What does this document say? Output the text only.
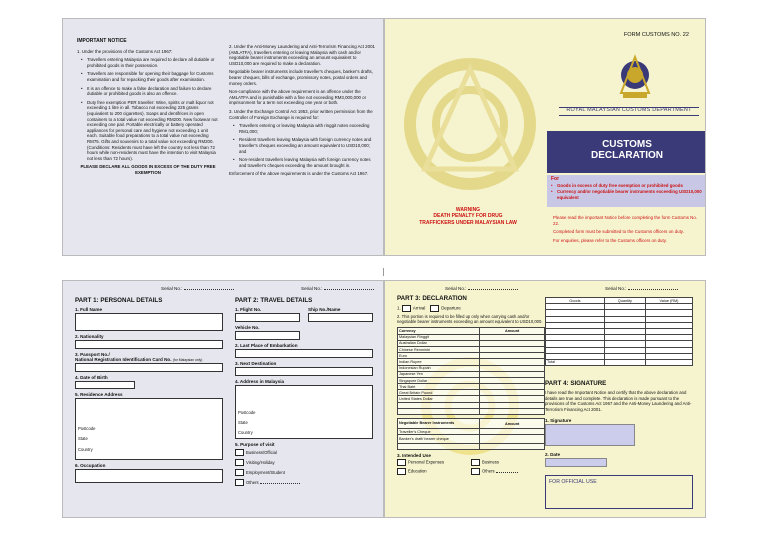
IMPORTANT NOTICE
1. Under the provisions of the Customs Act 1967:
• Travellers entering Malaysia are required to declare all dutiable or prohibited goods in their possession.
• Travellers are responsible for opening their baggage for Customs examination and for repacking their goods after examination.
• It is an offence to make a false declaration and failure to declare dutiable or prohibited goods is also an offence.
• Duty free exemption PER traveller: Wine, spirits or malt liquor not exceeding 1 litre in all. Tobacco not exceeding 225 grams (equivalent to 200 cigarettes). Soaps and dentifrices in open containers to a total value not exceeding RM200. New footwear not exceeding one pair. Portable electrically or battery operated appliances for personal care and hygiene not exceeding 1 unit each. Suitable food preparations to a total value not exceeding RM75. Gifts and souvenirs to a total value not exceeding RM200. (Conditions: Residents must have left the country not less than 72 hours while non-residents must have the intention to visit Malaysia not less than 72 hours).
PLEASE DECLARE ALL GOODS IN EXCESS OF THE DUTY FREE EXEMPTION
2. Under the Anti-Money Laundering and Anti-Terrorism Financing Act 2001 (AMLATFA), travellers entering or leaving Malaysia with cash and/or negotiable bearer instruments exceeding an amount equivalent to USD10,000 are required to make a declaration.
Negotiable bearer instruments include traveller's cheques, banker's drafts, bearer cheques, bills of exchange, promissory notes, postal orders and money orders.
Non-compliance with the above requirement is an offence under the AMLATFA and is punishable with a fine not exceeding RM3,000,000 or imprisonment for a term not exceeding one year or both.
3. Under the Exchange Control Act 1953, prior written permission from the Controller of Foreign Exchange is required for:
• Travellers entering or leaving Malaysia with ringgit notes exceeding RM1,000;
• Resident travellers leaving Malaysia with foreign currency notes and traveller's cheques exceeding an amount equivalent to USD10,000; and
• Non-resident travellers leaving Malaysia with foreign currency notes and traveller's cheques exceeding the amount brought in.
Enforcement of the above requirements is under the Customs Act 1967.
WARNING
DEATH PENALTY FOR DRUG
TRAFFICKERS UNDER MALAYSIAN LAW
FORM CUSTOMS NO. 22
ROYAL MALAYSIAN CUSTOMS DEPARTMENT
CUSTOMS
DECLARATION
For
• Goods in excess of duty free exemption or prohibited goods
• Currency and/or negotiable bearer instruments exceeding USD10,000 equivalent
Please read the important Notice before completing the form Customs No. 22.
Completed form must be submitted to the Customs officers on duty.
For enquiries, please refer to the Customs officers on duty.
Serial No.:	Serial No.:
PART 1: PERSONAL DETAILS
1. Full Name
2. Nationality
3. Passport No./
National Registration Identification Card No. (for Malaysian only)
4. Date of Birth
5. Residence Address
Postcode
State
Country
6. Occupation
PART 2: TRAVEL DETAILS
1. Flight No.	Ship No./Name
Vehicle No.
2. Last Place of Embarkation
3. Next Destination
4. Address in Malaysia
Postcode
State
Country
5. Purpose of visit
Business/Official
Visiting/Holiday
Employment/Student
Others
Serial No.:	Serial No.:
PART 3: DECLARATION
1.	Arrival	Departure
2. This portion is required to be filled up only when carrying cash and/or negotiable bearer instruments exceeding an amount equivalent to USD10,000.
Currency	Amount
Malaysian Ringgit	
Australian Dollar	
Chinese Renminbi	
Euro	
Indian Rupee	
Indonesian Rupiah	
Japanese Yen	
Singapore Dollar	
Thai Baht	
Great Britain Pound	
United States Dollar	

Negotiable Bearer Instruments	Amount
Traveller's Cheque	
Banker's draft/ bearer cheque	

3. Intended Use
Personal Expenses	Business
Education	Others
Goods	Quantity	Value (RM)

Total		
PART 4: SIGNATURE
I have read the Important Notice and certify that the above declaration and details are true and complete. This declaration is made pursuant to the provisions of the Customs Act 1967 and the Anti-Money Laundering and Anti-Terrorism Financing Act 2001.
1. Signature
2. Date
FOR OFFICIAL USE
